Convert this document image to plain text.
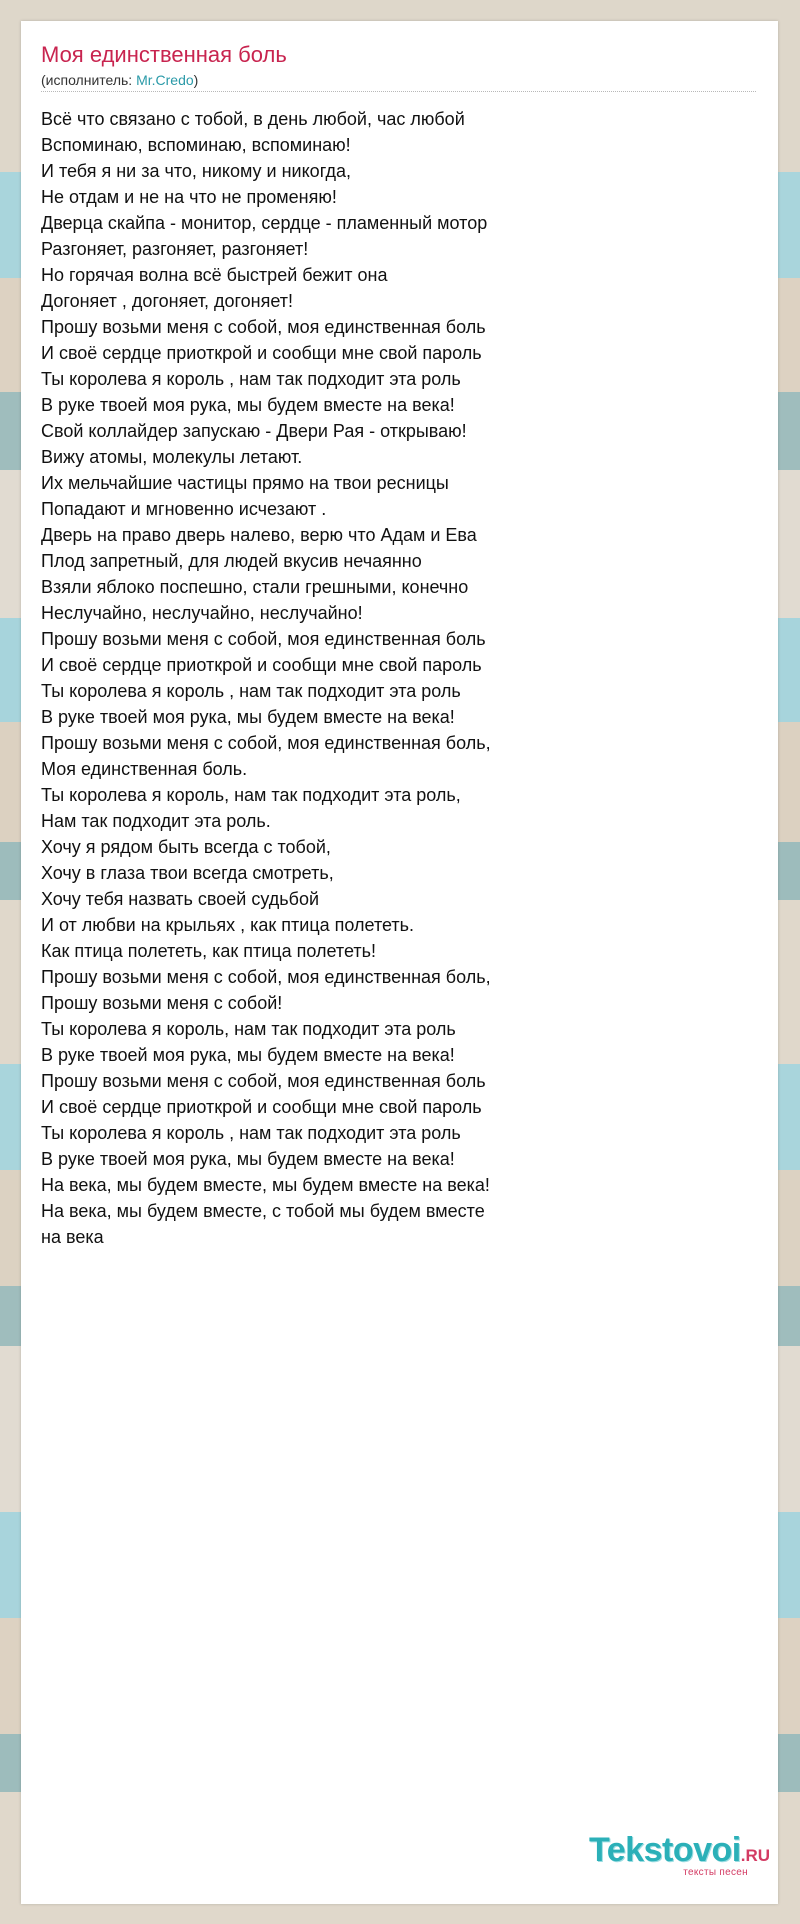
Моя единственная боль
(исполнитель: Mr.Credo)
Всё что связано с тобой, в день любой, час любой
Вспоминаю, вспоминаю, вспоминаю!
И тебя я ни за что, никому и никогда,
Не отдам и не на что не променяю!
Дверца скайпа - монитор, сердце - пламенный мотор
Разгоняет, разгоняет, разгоняет!
Но горячая волна всё быстрей бежит она
Догоняет , догоняет, догоняет!
Прошу возьми меня с собой, моя единственная боль
И своё сердце приоткрой и сообщи мне свой пароль
Ты королева я король , нам так подходит эта роль
В руке твоей моя рука, мы будем вместе на века!
Свой коллайдер запускаю - Двери Рая - открываю!
Вижу атомы, молекулы летают.
Их мельчайшие частицы прямо на твои ресницы
Попадают и мгновенно исчезают .
Дверь на право дверь налево, верю что Адам и Ева
Плод запретный, для людей вкусив нечаянно
Взяли яблоко поспешно, стали грешными, конечно
Неслучайно, неслучайно, неслучайно!
Прошу возьми меня с собой, моя единственная боль
И своё сердце приоткрой и сообщи мне свой пароль
Ты королева я король , нам так подходит эта роль
В руке твоей моя рука, мы будем вместе на века!
Прошу возьми меня с собой, моя единственная боль,
Моя единственная боль.
Ты королева я король, нам так подходит эта роль,
Нам так подходит эта роль.
Хочу я рядом быть всегда с тобой,
Хочу в глаза твои всегда смотреть,
Хочу тебя назвать своей судьбой
И от любви на крыльях , как птица полететь.
Как птица полететь, как птица полететь!
Прошу возьми меня с собой, моя единственная боль,
Прошу возьми меня с собой!
Ты королева я король, нам так подходит эта роль
В руке твоей моя рука, мы будем вместе на века!
Прошу возьми меня с собой, моя единственная боль
И своё сердце приоткрой и сообщи мне свой пароль
Ты королева я король , нам так подходит эта роль
В руке твоей моя рука, мы будем вместе на века!
На века, мы будем вместе, мы будем вместе на века!
На века, мы будем вместе, с тобой мы будем вместе на века
Tekstovoi.RU
тексты песен
